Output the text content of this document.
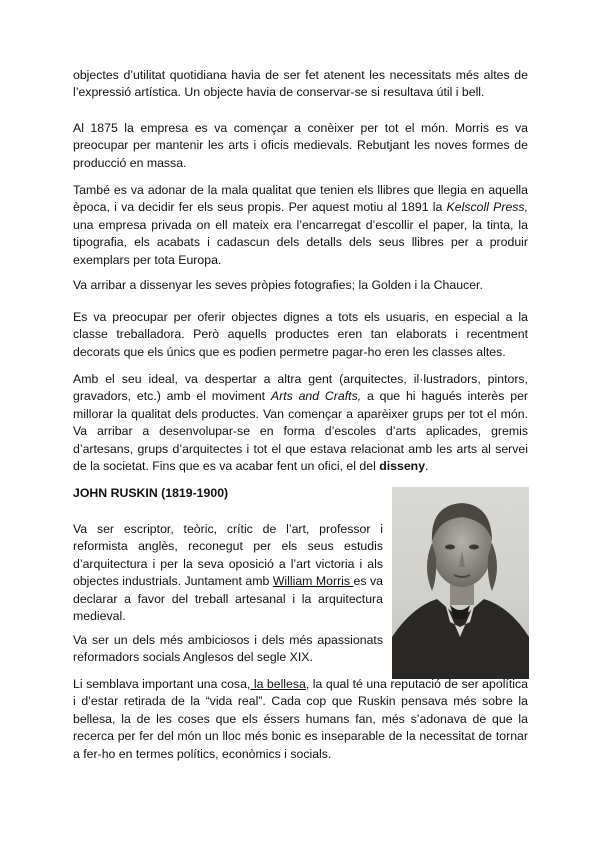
objectes d’utilitat quotidiana havia de ser fet atenent les necessitats més altes de l’expressió artística. Un objecte havia de conservar-se si resultava útil i bell.

Al 1875 la empresa es va començar a conèixer per tot el món. Morris es va preocupar per mantenir les arts i oficis medievals. Rebutjant les noves formes de producció en massa.

També es va adonar de la mala qualitat que tenien els llibres que llegia en aquella època, i va decidir fer els seus propis. Per aquest motiu al 1891 la Kelscoll Press, una empresa privada on ell mateix era l’encarregat d’escollir el paper, la tinta, la tipografia, els acabats i cadascun dels detalls dels seus llibres per a produir exemplars per tota Europa.

Va arribar a dissenyar les seves pròpies fotografies; la Golden i la Chaucer.

Es va preocupar per oferir objectes dignes a tots els usuaris, en especial a la classe treballadora. Però aquells productes eren tan elaborats i recentment decorats que els únics que es podien permetre pagar-ho eren les classes altes.

Amb el seu ideal, va despertar a altra gent (arquitectes, il·lustradors, pintors, gravadors, etc.) amb el moviment Arts and Crafts, a que hi hagués interès per millorar la qualitat dels productes. Van començar a aparèixer grups per tot el món. Va arribar a desenvolupar-se en forma d’escoles d’arts aplicades, gremis d’artesans, grups d’arquitectes i tot el que estava relacionat amb les arts al servei de la societat. Fins que es va acabar fent un ofici, el del disseny.

JOHN RUSKIN (1819-1900)

Va ser escriptor, teòric, crític de l’art, professor i reformista anglès, reconegut per els seus estudis d’arquitectura i per la seva oposició a l’art victoria i als objectes industrials. Juntament amb William Morris es va declarar a favor del treball artesanal i la arquitectura medieval.

Va ser un dels més ambiciosos i dels més apassionats reformadors socials Anglesos del segle XIX.

Li semblava important una cosa, la bellesa, la qual té una reputació de ser apolítica i d’estar retirada de la “vida real”. Cada cop que Ruskin pensava més sobre la bellesa, la de les coses que els éssers humans fan, més s’adonava de que la recerca per fer del món un lloc més bonic es inseparable de la necessitat de tornar a fer-ho en termes polítics, econòmics i socials.
